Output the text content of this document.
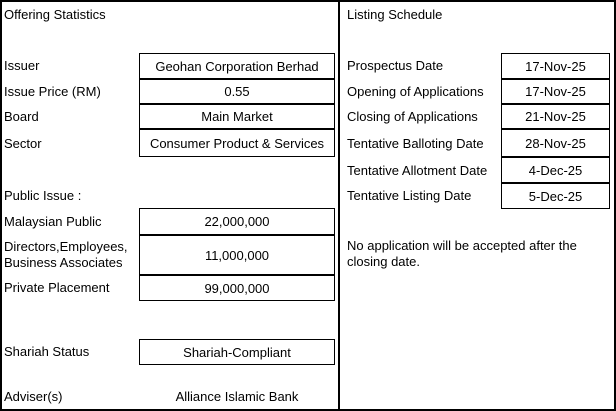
Offering Statistics
Issuer	Geohan Corporation Berhad
Issue Price (RM)	0.55
Board	Main Market
Sector	Consumer Product & Services
Public Issue :
Malaysian Public	22,000,000
Directors,Employees,
Business Associates	11,000,000
Private Placement	99,000,000
Shariah Status	Shariah-Compliant
Adviser(s)	Alliance Islamic Bank
Listing Schedule
Prospectus Date	17-Nov-25
Opening of Applications	17-Nov-25
Closing of Applications	21-Nov-25
Tentative Balloting Date	28-Nov-25
Tentative Allotment Date	4-Dec-25
Tentative Listing Date	5-Dec-25
No application will be accepted after the closing date.
